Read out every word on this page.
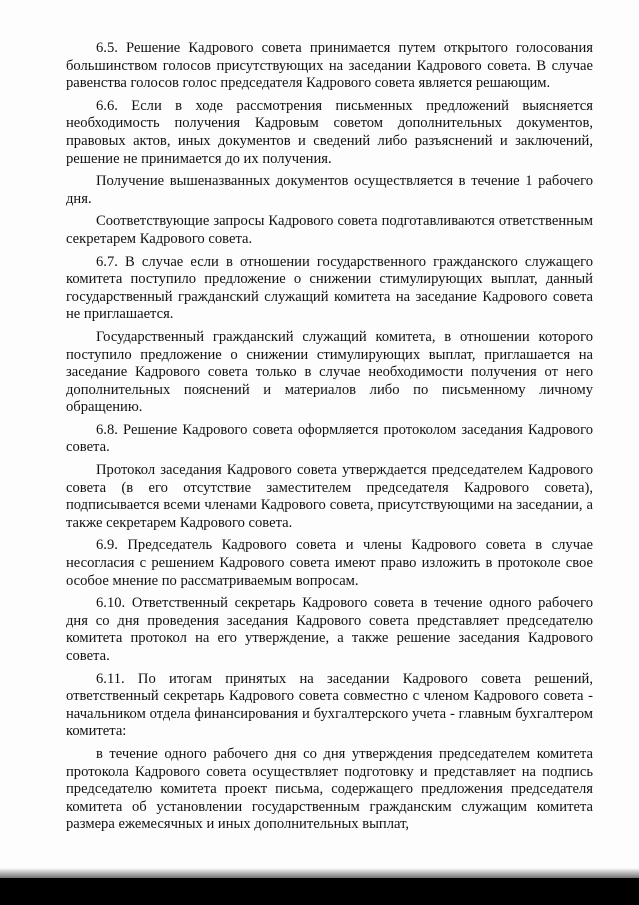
6.5. Решение Кадрового совета принимается путем открытого голосования большинством голосов присутствующих на заседании Кадрового совета. В случае равенства голосов голос председателя Кадрового совета является решающим.

6.6. Если в ходе рассмотрения письменных предложений выясняется необходимость получения Кадровым советом дополнительных документов, правовых актов, иных документов и сведений либо разъяснений и заключений, решение не принимается до их получения.

Получение вышеназванных документов осуществляется в течение 1 рабочего дня.

Соответствующие запросы Кадрового совета подготавливаются ответственным секретарем Кадрового совета.

6.7. В случае если в отношении государственного гражданского служащего комитета поступило предложение о снижении стимулирующих выплат, данный государственный гражданский служащий комитета на заседание Кадрового совета не приглашается.

Государственный гражданский служащий комитета, в отношении которого поступило предложение о снижении стимулирующих выплат, приглашается на заседание Кадрового совета только в случае необходимости получения от него дополнительных пояснений и материалов либо по письменному личному обращению.

6.8. Решение Кадрового совета оформляется протоколом заседания Кадрового совета.

Протокол заседания Кадрового совета утверждается председателем Кадрового совета (в его отсутствие заместителем председателя Кадрового совета), подписывается всеми членами Кадрового совета, присутствующими на заседании, а также секретарем Кадрового совета.

6.9. Председатель Кадрового совета и члены Кадрового совета в случае несогласия с решением Кадрового совета имеют право изложить в протоколе свое особое мнение по рассматриваемым вопросам.

6.10. Ответственный секретарь Кадрового совета в течение одного рабочего дня со дня проведения заседания Кадрового совета представляет председателю комитета протокол на его утверждение, а также решение заседания Кадрового совета.

6.11. По итогам принятых на заседании Кадрового совета решений, ответственный секретарь Кадрового совета совместно с членом Кадрового совета - начальником отдела финансирования и бухгалтерского учета - главным бухгалтером комитета:

в течение одного рабочего дня со дня утверждения председателем комитета протокола Кадрового совета осуществляет подготовку и представляет на подпись председателю комитета проект письма, содержащего предложения председателя комитета об установлении государственным гражданским служащим комитета размера ежемесячных и иных дополнительных выплат,
